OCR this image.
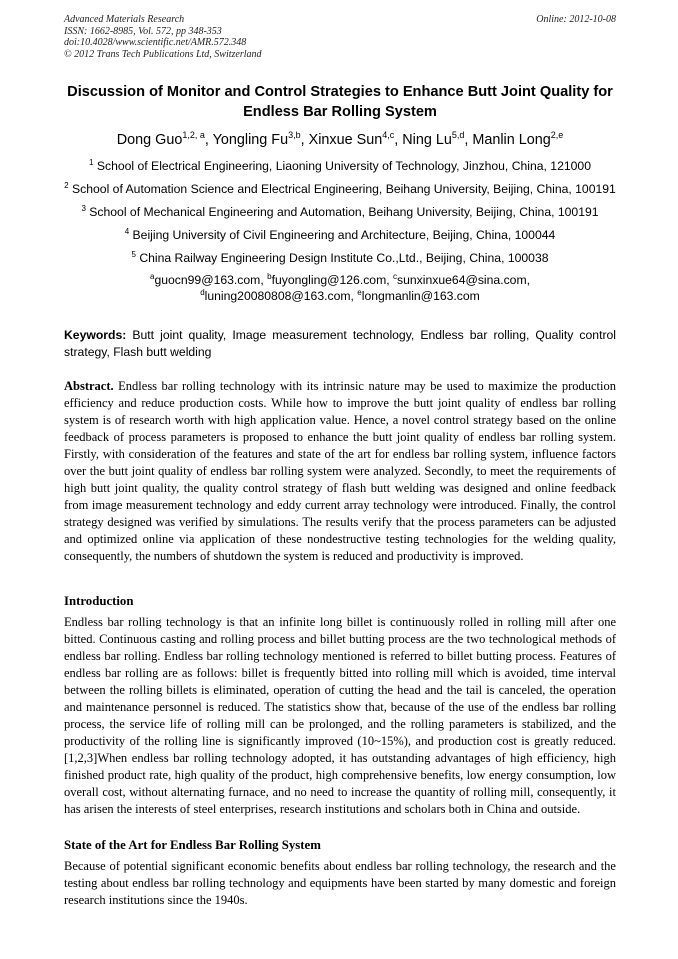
Advanced Materials Research
ISSN: 1662-8985, Vol. 572, pp 348-353
doi:10.4028/www.scientific.net/AMR.572.348
© 2012 Trans Tech Publications Ltd, Switzerland
Online: 2012-10-08
Discussion of Monitor and Control Strategies to Enhance Butt Joint Quality for Endless Bar Rolling System
Dong Guo$^{1,2, a}$, Yongling Fu$^{3,b}$, Xinxue Sun$^{4,c}$, Ning Lu$^{5,d}$, Manlin Long$^{2,e}$
$^1$ School of Electrical Engineering, Liaoning University of Technology, Jinzhou, China, 121000
$^2$ School of Automation Science and Electrical Engineering, Beihang University, Beijing, China, 100191
$^3$ School of Mechanical Engineering and Automation, Beihang University, Beijing, China, 100191
$^4$ Beijing University of Civil Engineering and Architecture, Beijing, China, 100044
$^5$ China Railway Engineering Design Institute Co.,Ltd., Beijing, China, 100038
$^a$guocn99@163.com, $^b$fuyongling@126.com, $^c$sunxinxue64@sina.com,
$^d$luning20080808@163.com, $^e$longmanlin@163.com
Keywords: Butt joint quality, Image measurement technology, Endless bar rolling, Quality control strategy, Flash butt welding
Abstract. Endless bar rolling technology with its intrinsic nature may be used to maximize the production efficiency and reduce production costs. While how to improve the butt joint quality of endless bar rolling system is of research worth with high application value. Hence, a novel control strategy based on the online feedback of process parameters is proposed to enhance the butt joint quality of endless bar rolling system. Firstly, with consideration of the features and state of the art for endless bar rolling system, influence factors over the butt joint quality of endless bar rolling system were analyzed. Secondly, to meet the requirements of high butt joint quality, the quality control strategy of flash butt welding was designed and online feedback from image measurement technology and eddy current array technology were introduced. Finally, the control strategy designed was verified by simulations. The results verify that the process parameters can be adjusted and optimized online via application of these nondestructive testing technologies for the welding quality, consequently, the numbers of shutdown the system is reduced and productivity is improved.
Introduction
Endless bar rolling technology is that an infinite long billet is continuously rolled in rolling mill after one bitted. Continuous casting and rolling process and billet butting process are the two technological methods of endless bar rolling. Endless bar rolling technology mentioned is referred to billet butting process. Features of endless bar rolling are as follows: billet is frequently bitted into rolling mill which is avoided, time interval between the rolling billets is eliminated, operation of cutting the head and the tail is canceled, the operation and maintenance personnel is reduced. The statistics show that, because of the use of the endless bar rolling process, the service life of rolling mill can be prolonged, and the rolling parameters is stabilized, and the productivity of the rolling line is significantly improved (10~15%), and production cost is greatly reduced.[1,2,3]When endless bar rolling technology adopted, it has outstanding advantages of high efficiency, high finished product rate, high quality of the product, high comprehensive benefits, low energy consumption, low overall cost, without alternating furnace, and no need to increase the quantity of rolling mill, consequently, it has arisen the interests of steel enterprises, research institutions and scholars both in China and outside.
State of the Art for Endless Bar Rolling System
Because of potential significant economic benefits about endless bar rolling technology, the research and the testing about endless bar rolling technology and equipments have been started by many domestic and foreign research institutions since the 1940s.
